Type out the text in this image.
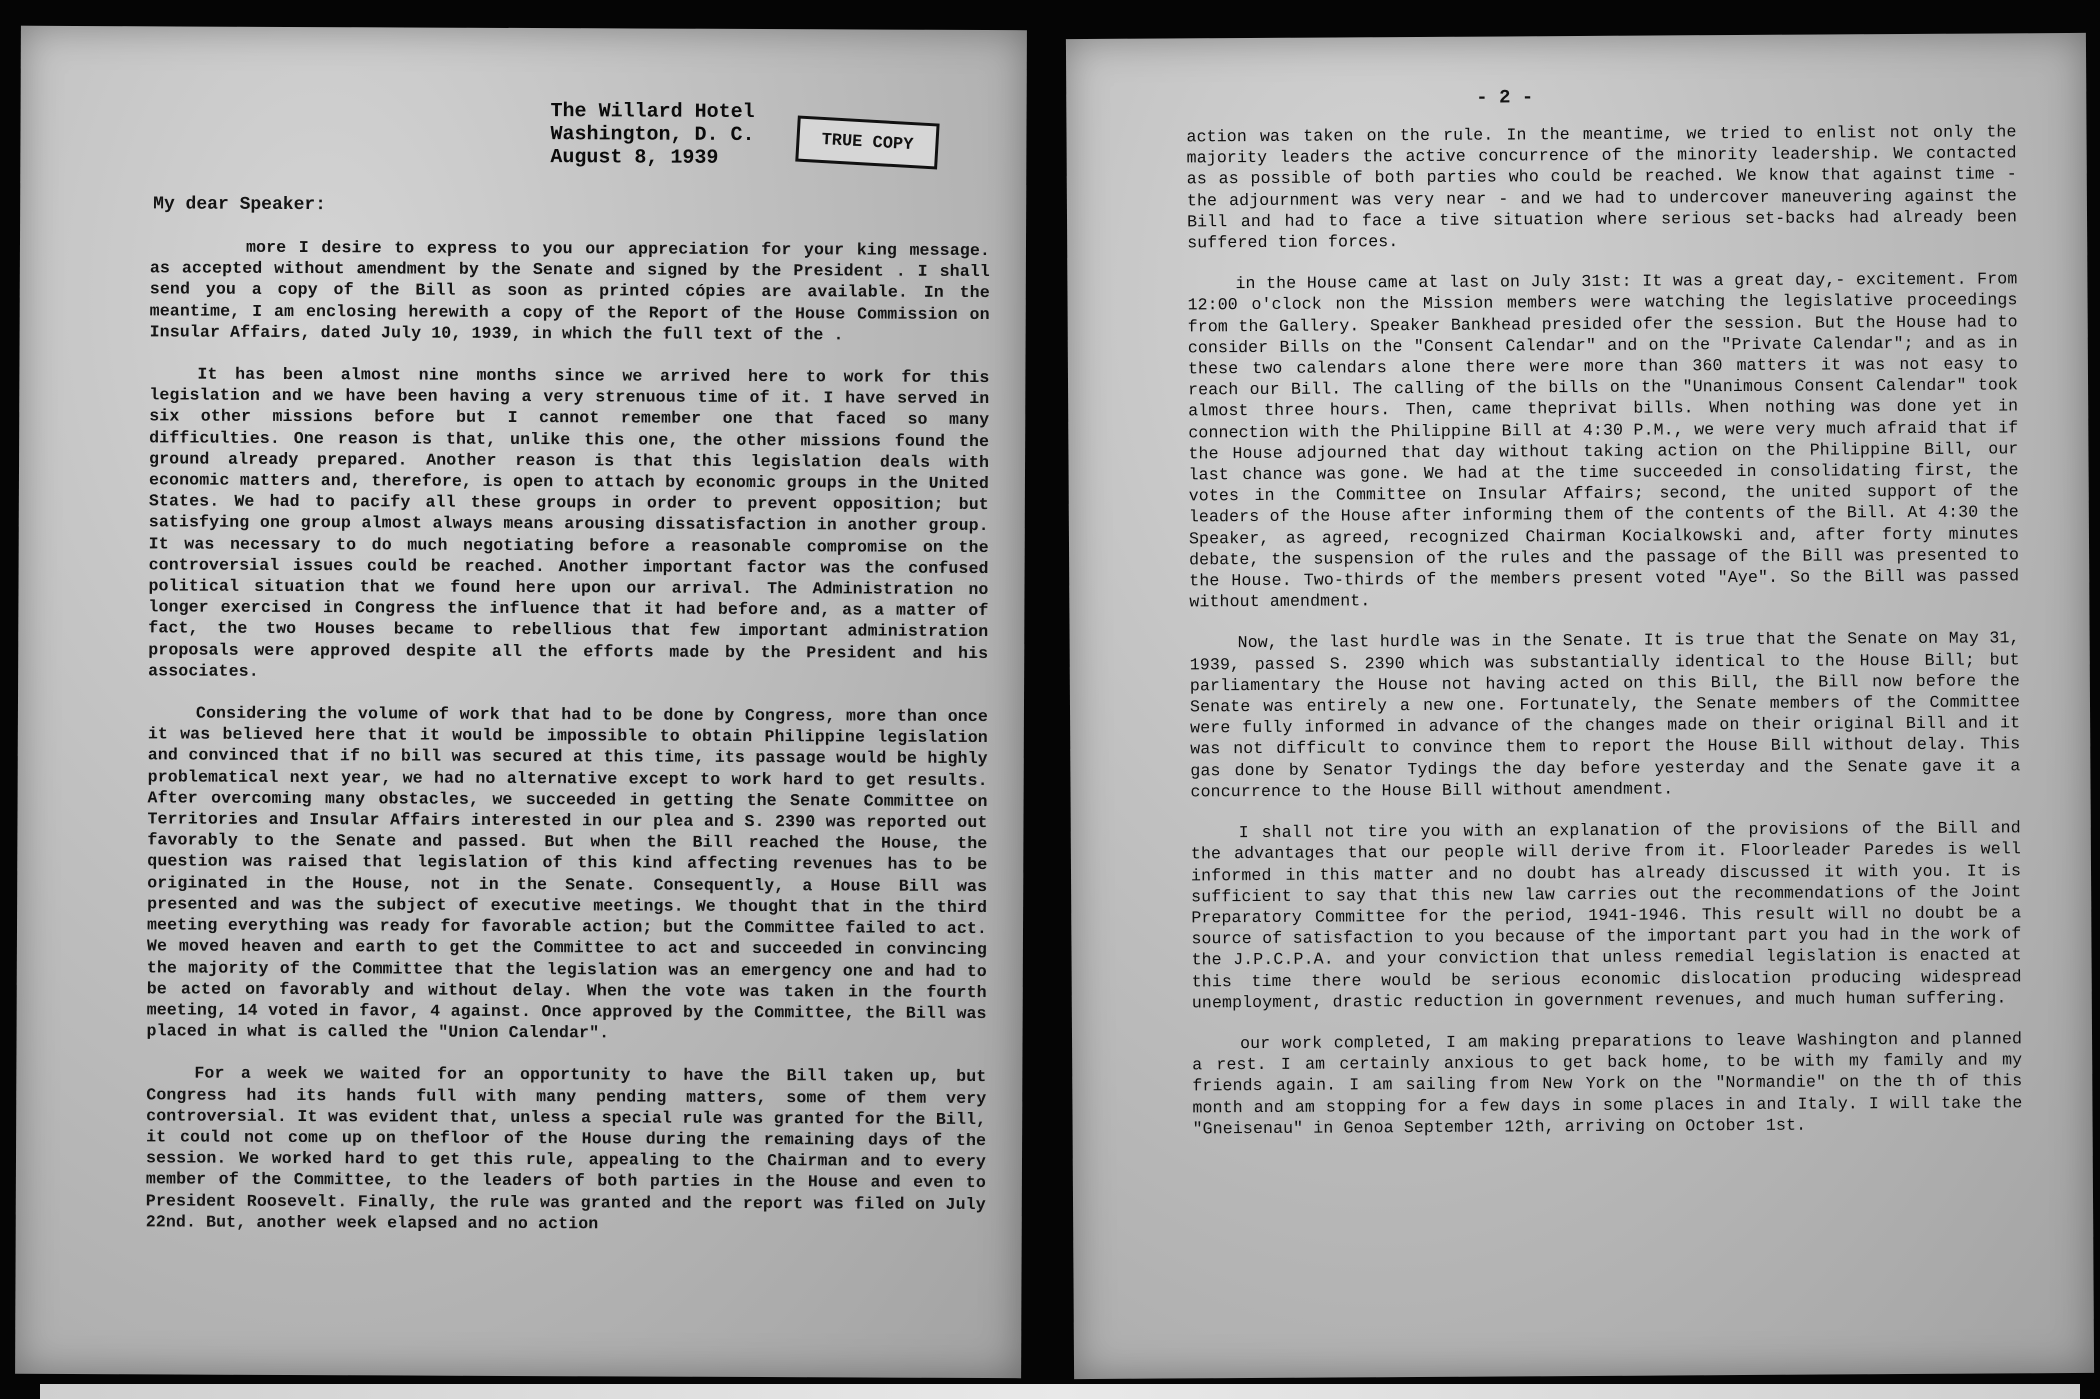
The Willard Hotel
Washington, D. C.
August 8, 1939
TRUE COPY
My dear Speaker:

more I desire to express to you our appreciation for your king message. as accepted without amendment by the Senate and signed by the President . I shall send you a copy of the Bill as soon as printed cópies are available. In the meantime, I am enclosing herewith a copy of the Report of the House Commission on Insular Affairs, dated July 10, 1939, in which the full text of the .

It has been almost nine months since we arrived here to work for this legislation and we have been having a very strenuous time of it. I have served in six other missions before but I cannot remember one that faced so many difficulties. One reason is that, unlike this one, the other missions found the ground already prepared. Another reason is that this legislation deals with economic matters and, therefore, is open to attach by economic groups in the United States. We had to pacify all these groups in order to prevent opposition; but satisfying one group almost always means arousing dissatisfaction in another group. It was necessary to do much negotiating before a reasonable compromise on the controversial issues could be reached. Another important factor was the confused political situation that we found here upon our arrival. The Administration no longer exercised in Congress the influence that it had before and, as a matter of fact, the two Houses became to rebellious that few important administration proposals were approved despite all the efforts made by the President and his associates.

Considering the volume of work that had to be done by Congress, more than once it was believed here that it would be impossible to obtain Philippine legislation and convinced that if no bill was secured at this time, its passage would be highly problematical next year, we had no alternative except to work hard to get results. After overcoming many obstacles, we succeeded in getting the Senate Committee on Territories and Insular Affairs interested in our plea and S. 2390 was reported out favorably to the Senate and passed. But when the Bill reached the House, the question was raised that legislation of this kind affecting revenues has to be originated in the House, not in the Senate. Consequently, a House Bill was presented and was the subject of executive meetings. We thought that in the third meeting everything was ready for favorable action; but the Committee failed to act. We moved heaven and earth to get the Committee to act and succeeded in convincing the majority of the Committee that the legislation was an emergency one and had to be acted on favorably and without delay. When the vote was taken in the fourth meeting, 14 voted in favor, 4 against. Once approved by the Committee, the Bill was placed in what is called the "Union Calendar".

For a week we waited for an opportunity to have the Bill taken up, but Congress had its hands full with many pending matters, some of them very controversial. It was evident that, unless a special rule was granted for the Bill, it could not come up on thefloor of the House during the remaining days of the session. We worked hard to get this rule, appealing to the Chairman and to every member of the Committee, to the leaders of both parties in the House and even to President Roosevelt. Finally, the rule was granted and the report was filed on July 22nd. But, another week elapsed and no action

- 2 -

action was taken on the rule. In the meantime, we tried to enlist not only the majority leaders the active concurrence of the minority leadership. We contacted as as possible of both parties who could be reached. We know that against time - the adjournment was very near - and we had to undercover maneuvering against the Bill and had to face a tive situation where serious set-backs had already been suffered tion forces.

in the House came at last on July 31st: It was a great day,- excitement. From 12:00 o'clock non the Mission members were watching the legislative proceedings from the Gallery. Speaker Bankhead presided ofer the session. But the House had to consider Bills on the "Consent Calendar" and on the "Private Calendar"; and as in these two calendars alone there were more than 360 matters it was not easy to reach our Bill. The calling of the bills on the "Unanimous Consent Calendar" took almost three hours. Then, came theprivat bills. When nothing was done yet in connection with the Philippine Bill at 4:30 P.M., we were very much afraid that if the House adjourned that day without taking action on the Philippine Bill, our last chance was gone. We had at the time succeeded in consolidating first, the votes in the Committee on Insular Affairs; second, the united support of the leaders of the House after informing them of the contents of the Bill. At 4:30 the Speaker, as agreed, recognized Chairman Kocialkowski and, after forty minutes debate, the suspension of the rules and the passage of the Bill was presented to the House. Two-thirds of the members present voted "Aye". So the Bill was passed without amendment.

Now, the last hurdle was in the Senate. It is true that the Senate on May 31, 1939, passed S. 2390 which was substantially identical to the House Bill; but parliamentary the House not having acted on this Bill, the Bill now before the Senate was entirely a new one. Fortunately, the Senate members of the Committee were fully informed in advance of the changes made on their original Bill and it was not difficult to convince them to report the House Bill without delay. This gas done by Senator Tydings the day before yesterday and the Senate gave it a concurrence to the House Bill without amendment.

I shall not tire you with an explanation of the provisions of the Bill and the advantages that our people will derive from it. Floorleader Paredes is well informed in this matter and no doubt has already discussed it with you. It is sufficient to say that this new law carries out the recommendations of the Joint Preparatory Committee for the period, 1941-1946. This result will no doubt be a source of satisfaction to you because of the important part you had in the work of the J.P.C.P.A. and your conviction that unless remedial legislation is enacted at this time there would be serious economic dislocation producing widespread unemployment, drastic reduction in government revenues, and much human suffering.

our work completed, I am making preparations to leave Washington and planned a rest. I am certainly anxious to get back home, to be with my family and my friends again. I am sailing from New York on the "Normandie" on the th of this month and am stopping for a few days in some places in and Italy. I will take the "Gneisenau" in Genoa September 12th, arriving on October 1st.
